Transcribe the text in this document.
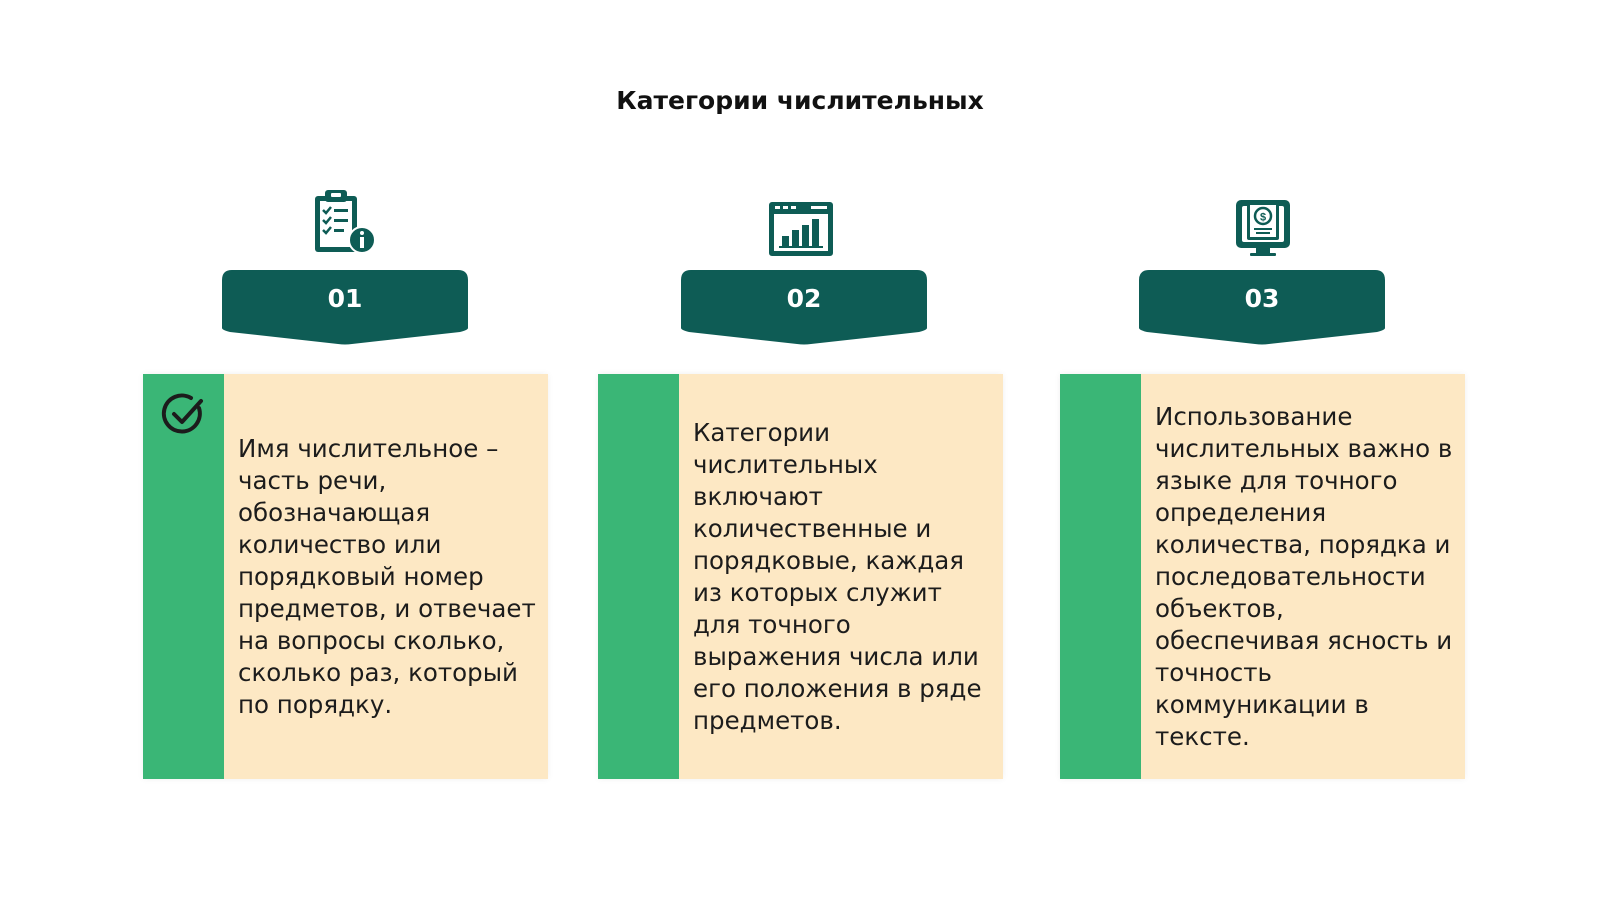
Категории числительных
01
Имя числительное – часть речи, обозначающая количество или порядковый номер предметов, и отвечает на вопросы сколько, сколько раз, который по порядку.
02
Категории числительных включают количественные и порядковые, каждая из которых служит для точного выражения числа или его положения в ряде предметов.
$
03
Использование числительных важно в языке для точного определения количества, порядка и последовательности объектов, обеспечивая ясность и точность коммуникации в тексте.
